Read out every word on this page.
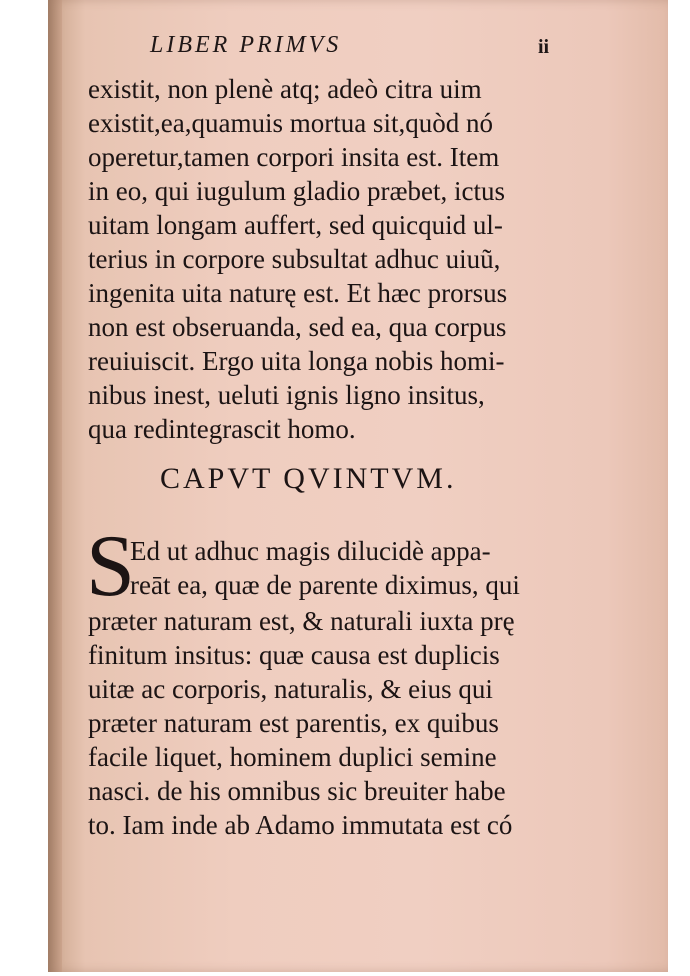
LIBER PRIMVS	ii
existit, non plenè atq; adeò citra uim
existit,ea,quamuis mortua sit,quòd nó
operetur,tamen corpori insita est. Item
in eo, qui iugulum gladio præbet, ictus
uitam longam auffert, sed quicquid ul-
terius in corpore subsultat adhuc uiuũ,
ingenita uita naturę est. Et hæc prorsus
non est obseruanda, sed ea, qua corpus
reuiuiscit. Ergo uita longa nobis homi-
nibus inest, ueluti ignis ligno insitus,
qua redintegrascit homo.
CAPVT QVINTVM.
S
Ed ut adhuc magis dilucidè appa-
reāt ea, quæ de parente diximus, qui
præter naturam est, & naturali iuxta prę
finitum insitus: quæ causa est duplicis
uitæ ac corporis, naturalis, & eius qui
præter naturam est parentis, ex quibus
facile liquet, hominem duplici semine
nasci. de his omnibus sic breuiter habe
to. Iam inde ab Adamo immutata est có
